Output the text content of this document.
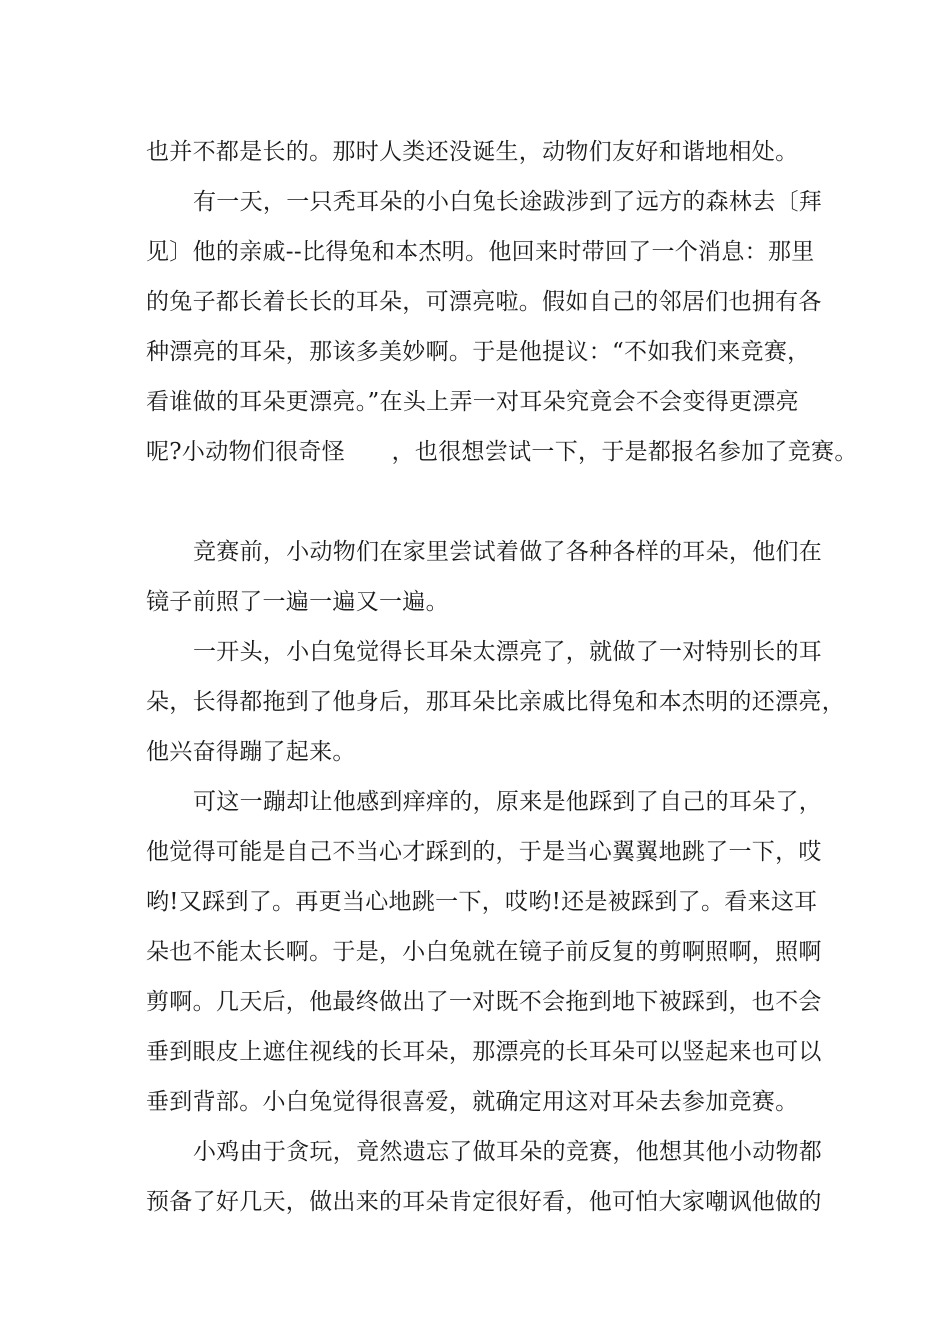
也并不都是长的。那时人类还没诞生，动物们友好和谐地相处。
有一天，一只秃耳朵的小白兔长途跋涉到了远方的森林去〔拜
见〕他的亲戚--比得兔和本杰明。他回来时带回了一个消息：那里
的兔子都长着长长的耳朵，可漂亮啦。假如自己的邻居们也拥有各
种漂亮的耳朵，那该多美妙啊。于是他提议：“不如我们来竞赛，
看谁做的耳朵更漂亮。”在头上弄一对耳朵究竟会不会变得更漂亮
呢?小动物们很奇怪　　，也很想尝试一下，于是都报名参加了竞赛。
竞赛前，小动物们在家里尝试着做了各种各样的耳朵，他们在
镜子前照了一遍一遍又一遍。
一开头，小白兔觉得长耳朵太漂亮了，就做了一对特别长的耳
朵，长得都拖到了他身后，那耳朵比亲戚比得兔和本杰明的还漂亮，
他兴奋得蹦了起来。
可这一蹦却让他感到痒痒的，原来是他踩到了自己的耳朵了，
他觉得可能是自己不当心才踩到的，于是当心翼翼地跳了一下，哎
哟!又踩到了。再更当心地跳一下，哎哟!还是被踩到了。看来这耳
朵也不能太长啊。于是，小白兔就在镜子前反复的剪啊照啊，照啊
剪啊。几天后，他最终做出了一对既不会拖到地下被踩到，也不会
垂到眼皮上遮住视线的长耳朵，那漂亮的长耳朵可以竖起来也可以
垂到背部。小白兔觉得很喜爱，就确定用这对耳朵去参加竞赛。
小鸡由于贪玩，竟然遗忘了做耳朵的竞赛，他想其他小动物都
预备了好几天，做出来的耳朵肯定很好看，他可怕大家嘲讽他做的
